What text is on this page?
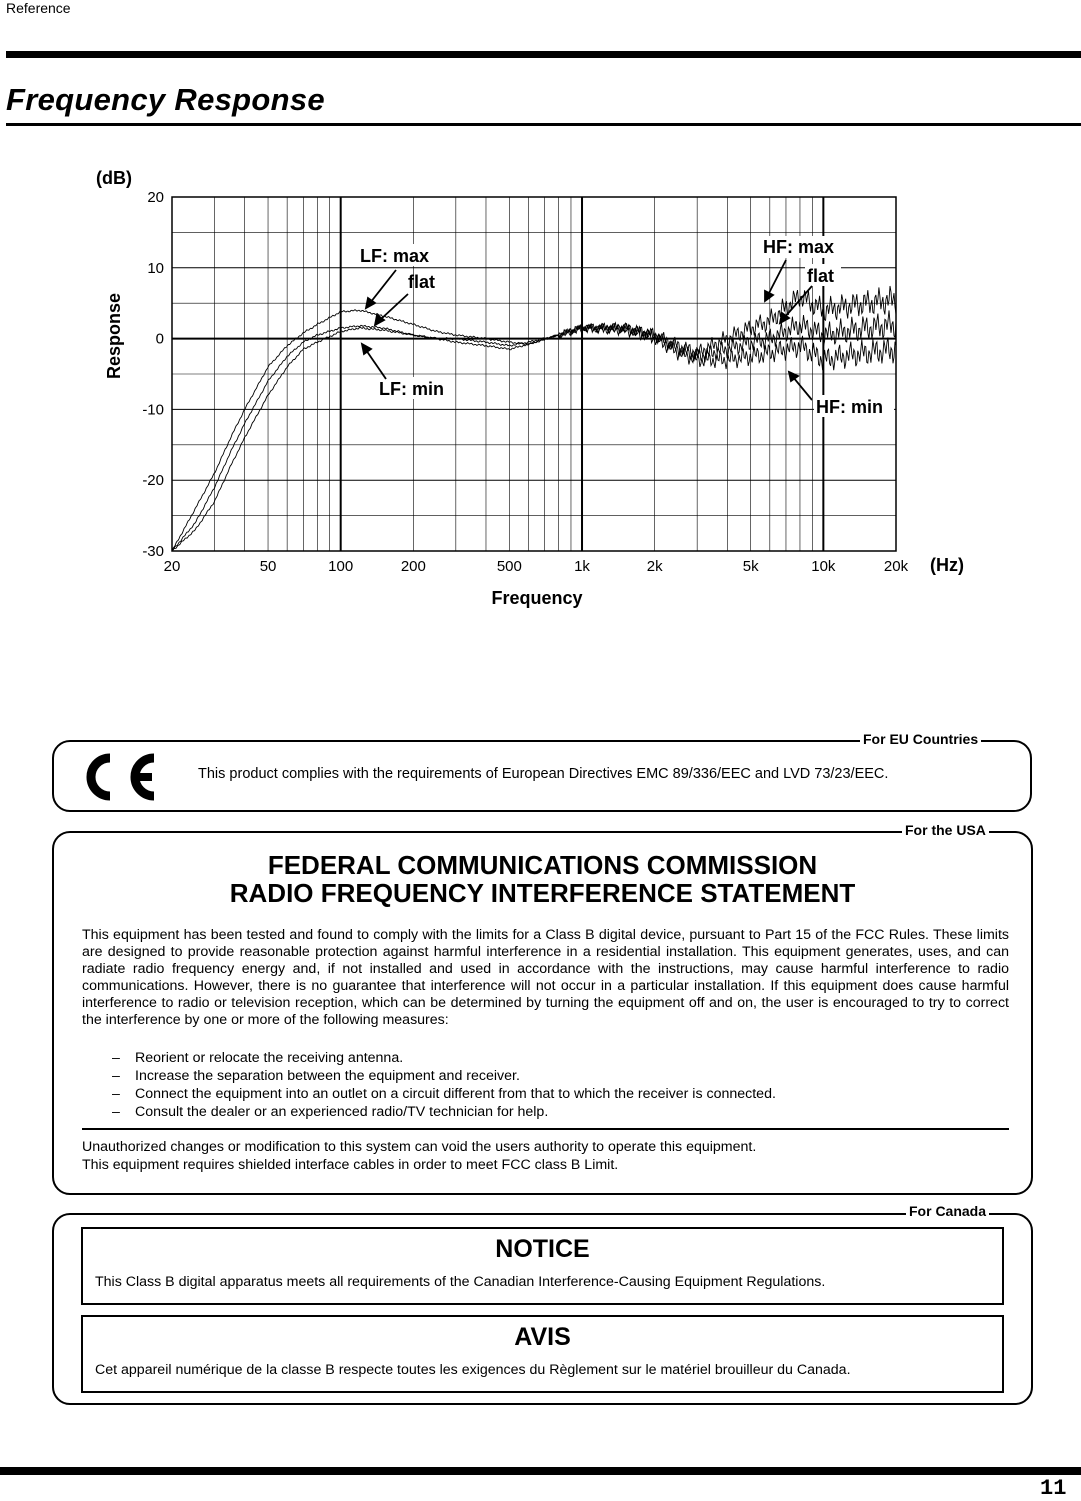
Reference
Frequency Response
20
10
0
-10
-20
-30
20	50	100	200	500	1k	2k	5k	10k	20k
(dB)
(Hz)
Frequency
Response
LF: max
flat
LF: min
HF: max
flat
HF: min
For EU Countries
This product complies with the requirements of European Directives EMC 89/336/EEC and LVD 73/23/EEC.
For the USA
FEDERAL COMMUNICATIONS COMMISSION
RADIO FREQUENCY INTERFERENCE STATEMENT
This equipment has been tested and found to comply with the limits for a Class B digital device, pursuant to Part 15 of the FCC Rules. These limits are designed to provide reasonable protection against harmful interference in a residential installation. This equipment generates, uses, and can radiate radio frequency energy and, if not installed and used in accordance with the instructions, may cause harmful interference to radio communications. However, there is no guarantee that interference will not occur in a particular installation. If this equipment does cause harmful interference to radio or television reception, which can be determined by turning the equipment off and on, the user is encouraged to try to correct the interference by one or more of the following measures:
– Reorient or relocate the receiving antenna.
– Increase the separation between the equipment and receiver.
– Connect the equipment into an outlet on a circuit different from that to which the receiver is connected.
– Consult the dealer or an experienced radio/TV technician for help.
Unauthorized changes or modification to this system can void the users authority to operate this equipment.
This equipment requires shielded interface cables in order to meet FCC class B Limit.
For Canada
NOTICE
This Class B digital apparatus meets all requirements of the Canadian Interference-Causing Equipment Regulations.
AVIS
Cet appareil numérique de la classe B respecte toutes les exigences du Règlement sur le matériel brouilleur du Canada.
11
